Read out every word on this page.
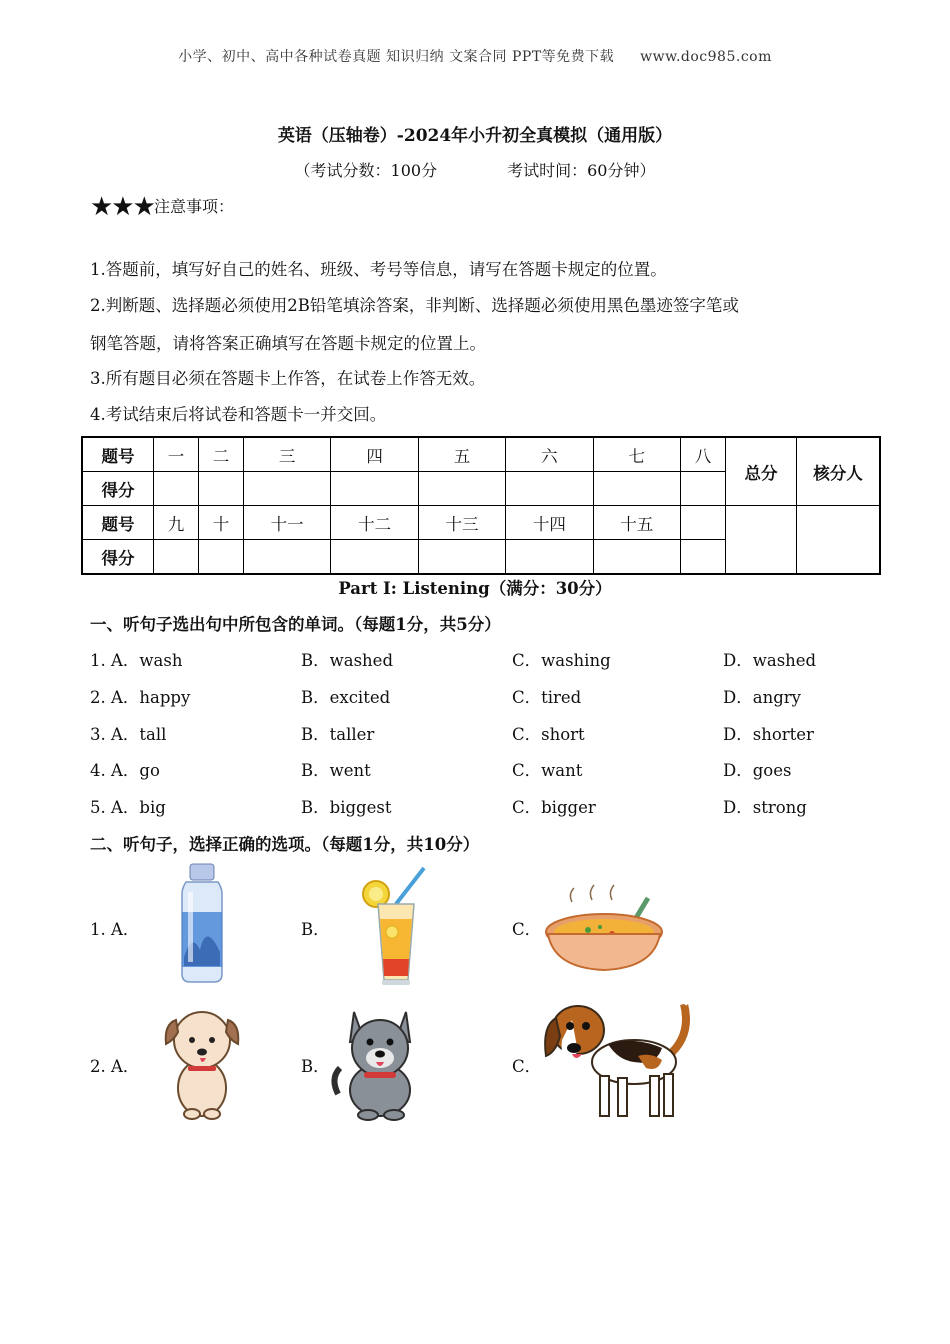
小学、初中、高中各种试卷真题 知识归纳 文案合同 PPT等免费下载 www.doc985.com
英语（压轴卷）-2024年小升初全真模拟（通用版）
（考试分数：100分	考试时间：60分钟）
★★★注意事项：
1.答题前，填写好自己的姓名、班级、考号等信息，请写在答题卡规定的位置。
2.判断题、选择题必须使用2B铅笔填涂答案，非判断、选择题必须使用黑色墨迹签字笔或
钢笔答题，请将答案正确填写在答题卡规定的位置上。
3.所有题目必须在答题卡上作答，在试卷上作答无效。
4.考试结束后将试卷和答题卡一并交回。
题号	一	二	三	四	五	六	七	八	总分	核分人
得分										
题号	九	十	十一	十二	十三	十四	十五			
得分										
Part I: Listening（满分：30分）
一、听句子选出句中所包含的单词。（每题1分，共5分）
1. A．wash	B．washed	C．washing	D．washed
2. A．happy	B．excited	C．tired	D．angry
3. A．tall	B．taller	C．short	D．shorter
4. A．go	B．went	C．want	D．goes
5. A．big	B．biggest	C．bigger	D．strong
二、听句子，选择正确的选项。（每题1分，共10分）
1. A．	B．	C．
2. A．	B．	C．
